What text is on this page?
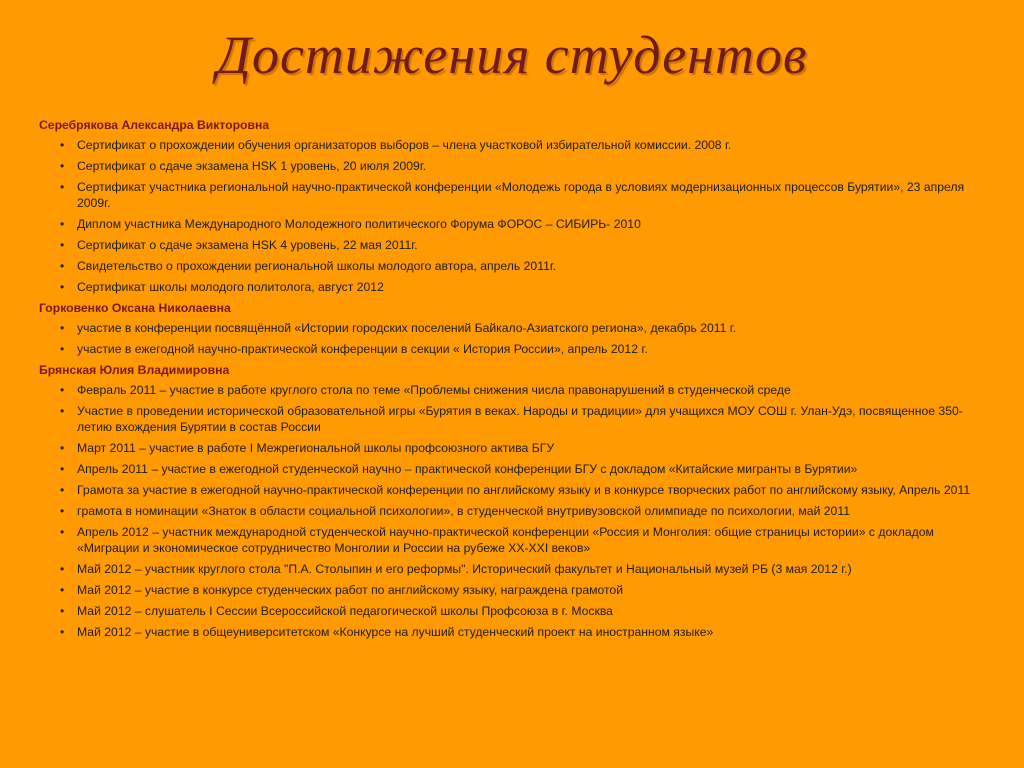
Достижения студентов
Серебрякова Александра Викторовна
• Сертификат о прохождении обучения организаторов выборов – члена участковой избирательной комиссии. 2008 г.
• Сертификат о сдаче экзамена HSK 1 уровень, 20 июля 2009г.
• Сертификат участника региональной научно-практической конференции «Молодежь города в условиях модернизационных процессов Бурятии», 23 апреля 2009г.
• Диплом участника Международного Молодежного политического Форума ФОРОС – СИБИРЬ- 2010
• Сертификат о сдаче экзамена HSK 4 уровень, 22 мая 2011г.
• Свидетельство о прохождении региональной школы молодого автора, апрель 2011г.
• Сертификат школы молодого политолога, август 2012
Горковенко Оксана Николаевна
• участие в конференции посвящённой «Истории городских поселений Байкало-Азиатского региона», декабрь 2011 г.
• участие в ежегодной научно-практической конференции в секции « История России», апрель 2012 г.
Брянская Юлия Владимировна
• Февраль 2011 – участие в работе круглого стола по теме «Проблемы снижения числа правонарушений в студенческой среде
• Участие в проведении исторической образовательной игры «Бурятия в веках. Народы и традиции» для учащихся МОУ СОШ г. Улан-Удэ, посвященное 350-летию вхождения Бурятии в состав России
• Март 2011 – участие в работе I Межрегиональной школы профсоюзного актива БГУ
• Апрель 2011 – участие в ежегодной студенческой научно – практической конференции БГУ с докладом «Китайские мигранты в Бурятии»
• Грамота за участие в ежегодной научно-практической конференции по английскому языку и в конкурсе творческих работ по английскому языку, Апрель 2011
• грамота в номинации «Знаток в области социальной психологии», в студенческой внутривузовской олимпиаде по психологии, май 2011
• Апрель 2012 – участник международной студенческой научно-практической конференции «Россия и Монголия: общие страницы истории» с докладом «Миграции и экономическое сотрудничество Монголии и России на рубеже XX-XXI веков»
• Май 2012 – участник круглого стола "П.А. Столыпин и его реформы". Исторический факультет и Национальный музей РБ (3 мая 2012 г.)
• Май 2012 – участие в конкурсе студенческих работ по английскому языку, награждена грамотой
• Май 2012 – слушатель I Сессии Всероссийской педагогической школы Профсоюза в г. Москва
• Май 2012 – участие в общеуниверситетском «Конкурсе на лучший студенческий проект на иностранном языке»
